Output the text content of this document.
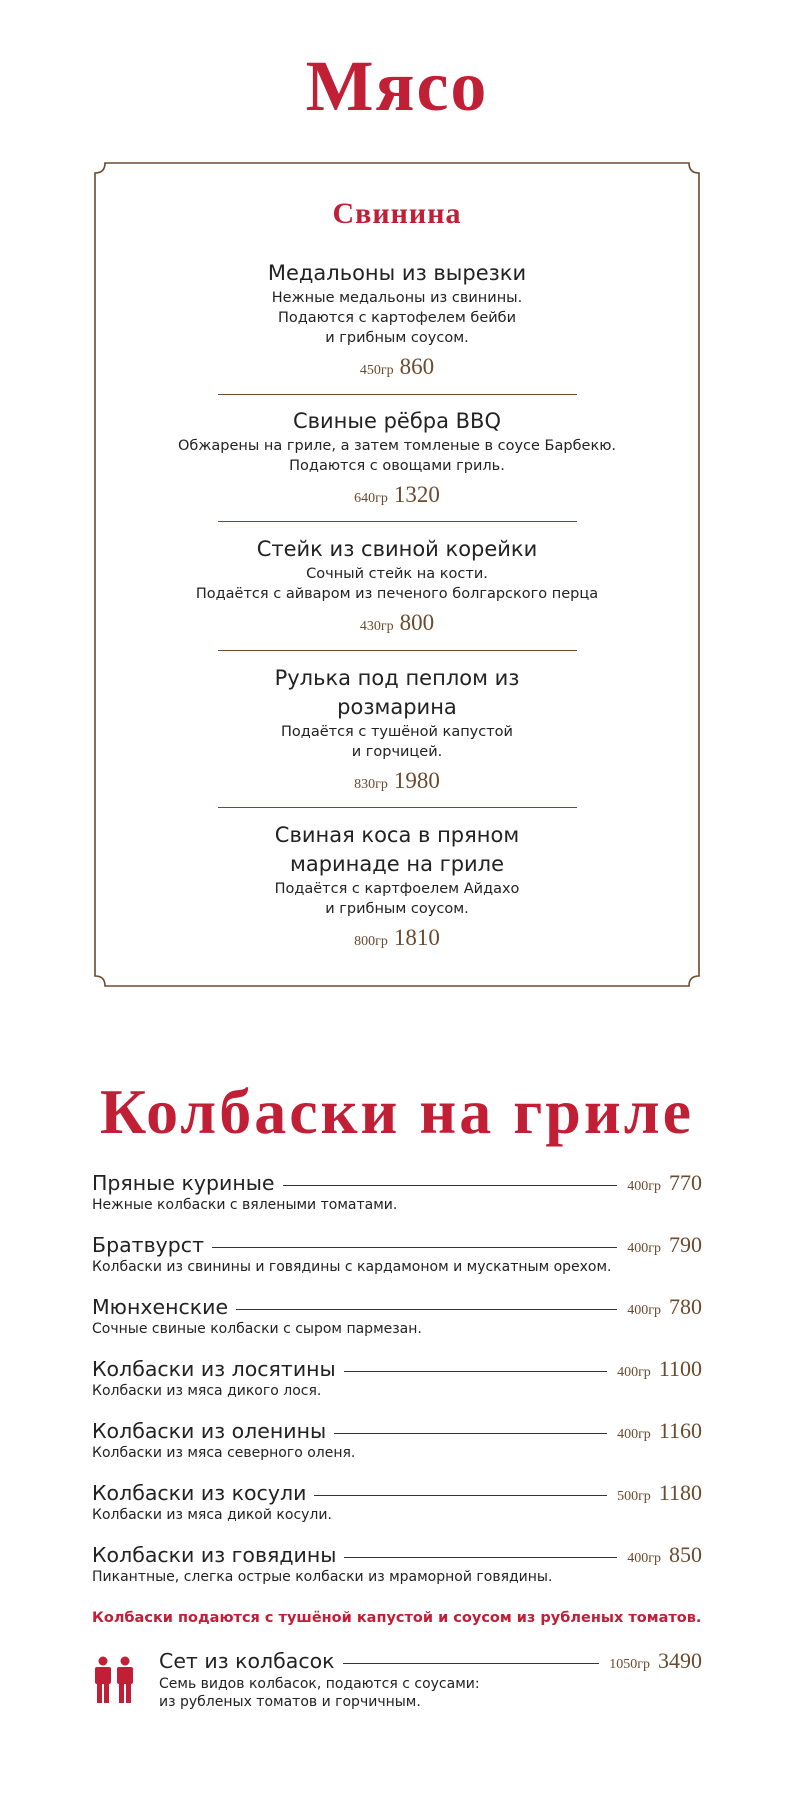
Мясо
Свинина
Медальоны из вырезки
Нежные медальоны из свинины.
Подаются с картофелем бейби
и грибным соусом.
450гр 860
Свиные рёбра BBQ
Обжарены на гриле, а затем томленые в соусе Барбекю.
Подаются с овощами гриль.
640гр 1320
Стейк из свиной корейки
Сочный стейк на кости.
Подаётся с айваром из печеного болгарского перца
430гр 800
Рулька под пеплом из розмарина
Подаётся с тушёной капустой
и горчицей.
830гр 1980
Свиная коса в пряном маринаде на гриле
Подаётся с картфоелем Айдахо
и грибным соусом.
800гр 1810
Колбаски на гриле
Пряные куриные	400гр 770
Нежные колбаски с вялеными томатами.
Братвурст	400гр 790
Колбаски из свинины и говядины с кардамоном и мускатным орехом.
Мюнхенские	400гр 780
Сочные свиные колбаски с сыром пармезан.
Колбаски из лосятины	400гр 1100
Колбаски из мяса дикого лося.
Колбаски из оленины	400гр 1160
Колбаски из мяса северного оленя.
Колбаски из косули	500гр 1180
Колбаски из мяса дикой косули.
Колбаски из говядины	400гр 850
Пикантные, слегка острые колбаски из мраморной говядины.
Колбаски подаются с тушёной капустой и соусом из рубленых томатов.
Сет из колбасок	1050гр 3490
Семь видов колбасок, подаются с соусами:
из рубленых томатов и горчичным.
